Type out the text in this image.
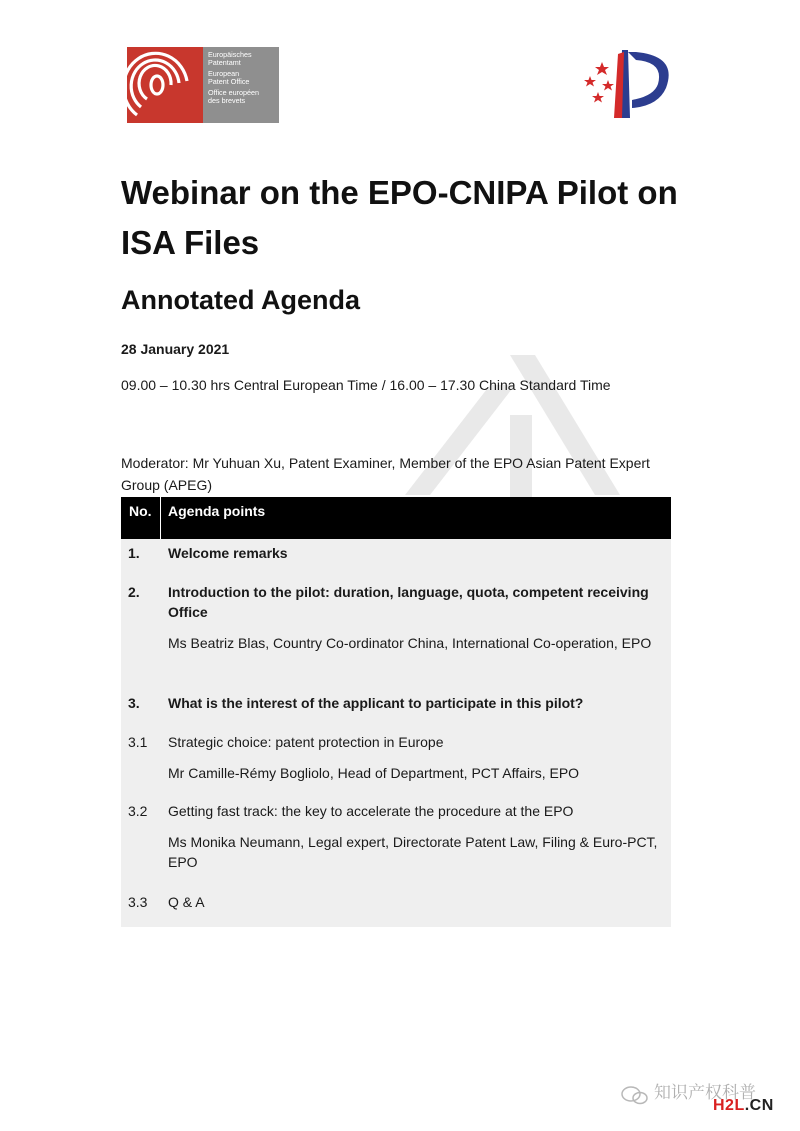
Europäisches
Patentamt
European
Patent Office
Office européen
des brevets
Webinar on the EPO-CNIPA Pilot on ISA Files
Annotated Agenda
28 January 2021
09.00 – 10.30 hrs Central European Time / 16.00 – 17.30 China Standard Time
Moderator: Mr Yuhuan Xu, Patent Examiner, Member of the EPO Asian Patent Expert Group (APEG)
No.	Agenda points
1. Welcome remarks
2. Introduction to the pilot: duration, language, quota, competent receiving Office
Ms Beatriz Blas, Country Co-ordinator China, International Co-operation, EPO
3. What is the interest of the applicant to participate in this pilot?
3.1 Strategic choice: patent protection in Europe
Mr Camille-Rémy Bogliolo, Head of Department, PCT Affairs, EPO
3.2 Getting fast track: the key to accelerate the procedure at the EPO
Ms Monika Neumann, Legal expert, Directorate Patent Law, Filing & Euro-PCT, EPO
3.3 Q & A
知识产权科普
H2L.CN
